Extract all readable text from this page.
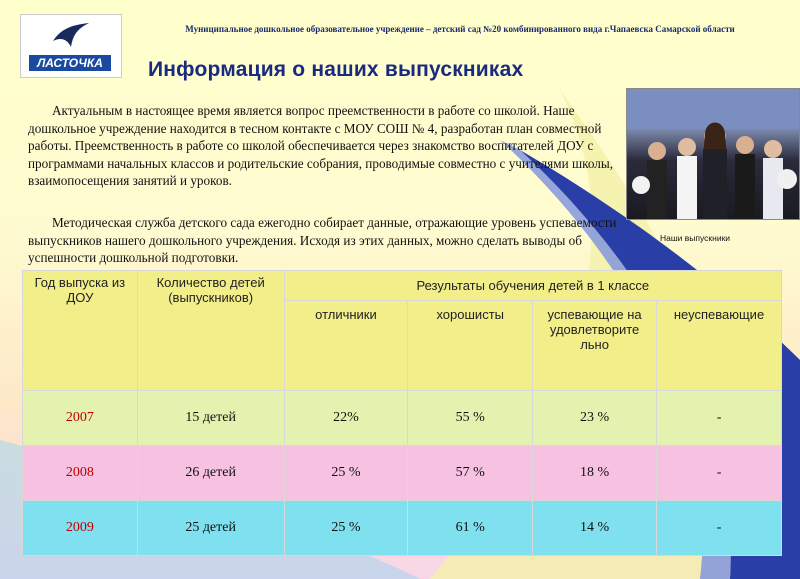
ЛАСТОЧКА
Муниципальное дошкольное образовательное учреждение – детский сад №20 комбинированного вида г.Чапаевска Самарской области
Информация о наших выпускниках
Актуальным в настоящее время является вопрос преемственности в работе со школой. Наше дошкольное учреждение находится в тесном контакте с МОУ СОШ № 4, разработан план совместной работы. Преемственность в работе со школой обеспечивается через знакомство воспитателей ДОУ с программами начальных классов и родительские собрания, проводимые совместно с учителями школы, взаимопосещения занятий и уроков.
Методическая служба детского сада ежегодно собирает данные, отражающие уровень успеваемости выпускников нашего дошкольного учреждения. Исходя из этих данных, можно сделать выводы об успешности дошкольной подготовки.
Наши выпускники
Год выпуска из ДОУ	Количество детей (выпускников)	Результаты обучения детей в 1 классе			
		отличники	хорошисты	успевающие на удовлетворите льно	неуспевающие
2007	15 детей	22%	55 %	23 %	-
2008	26 детей	25 %	57 %	18 %	-
2009	25 детей	25 %	61 %	14 %	-
